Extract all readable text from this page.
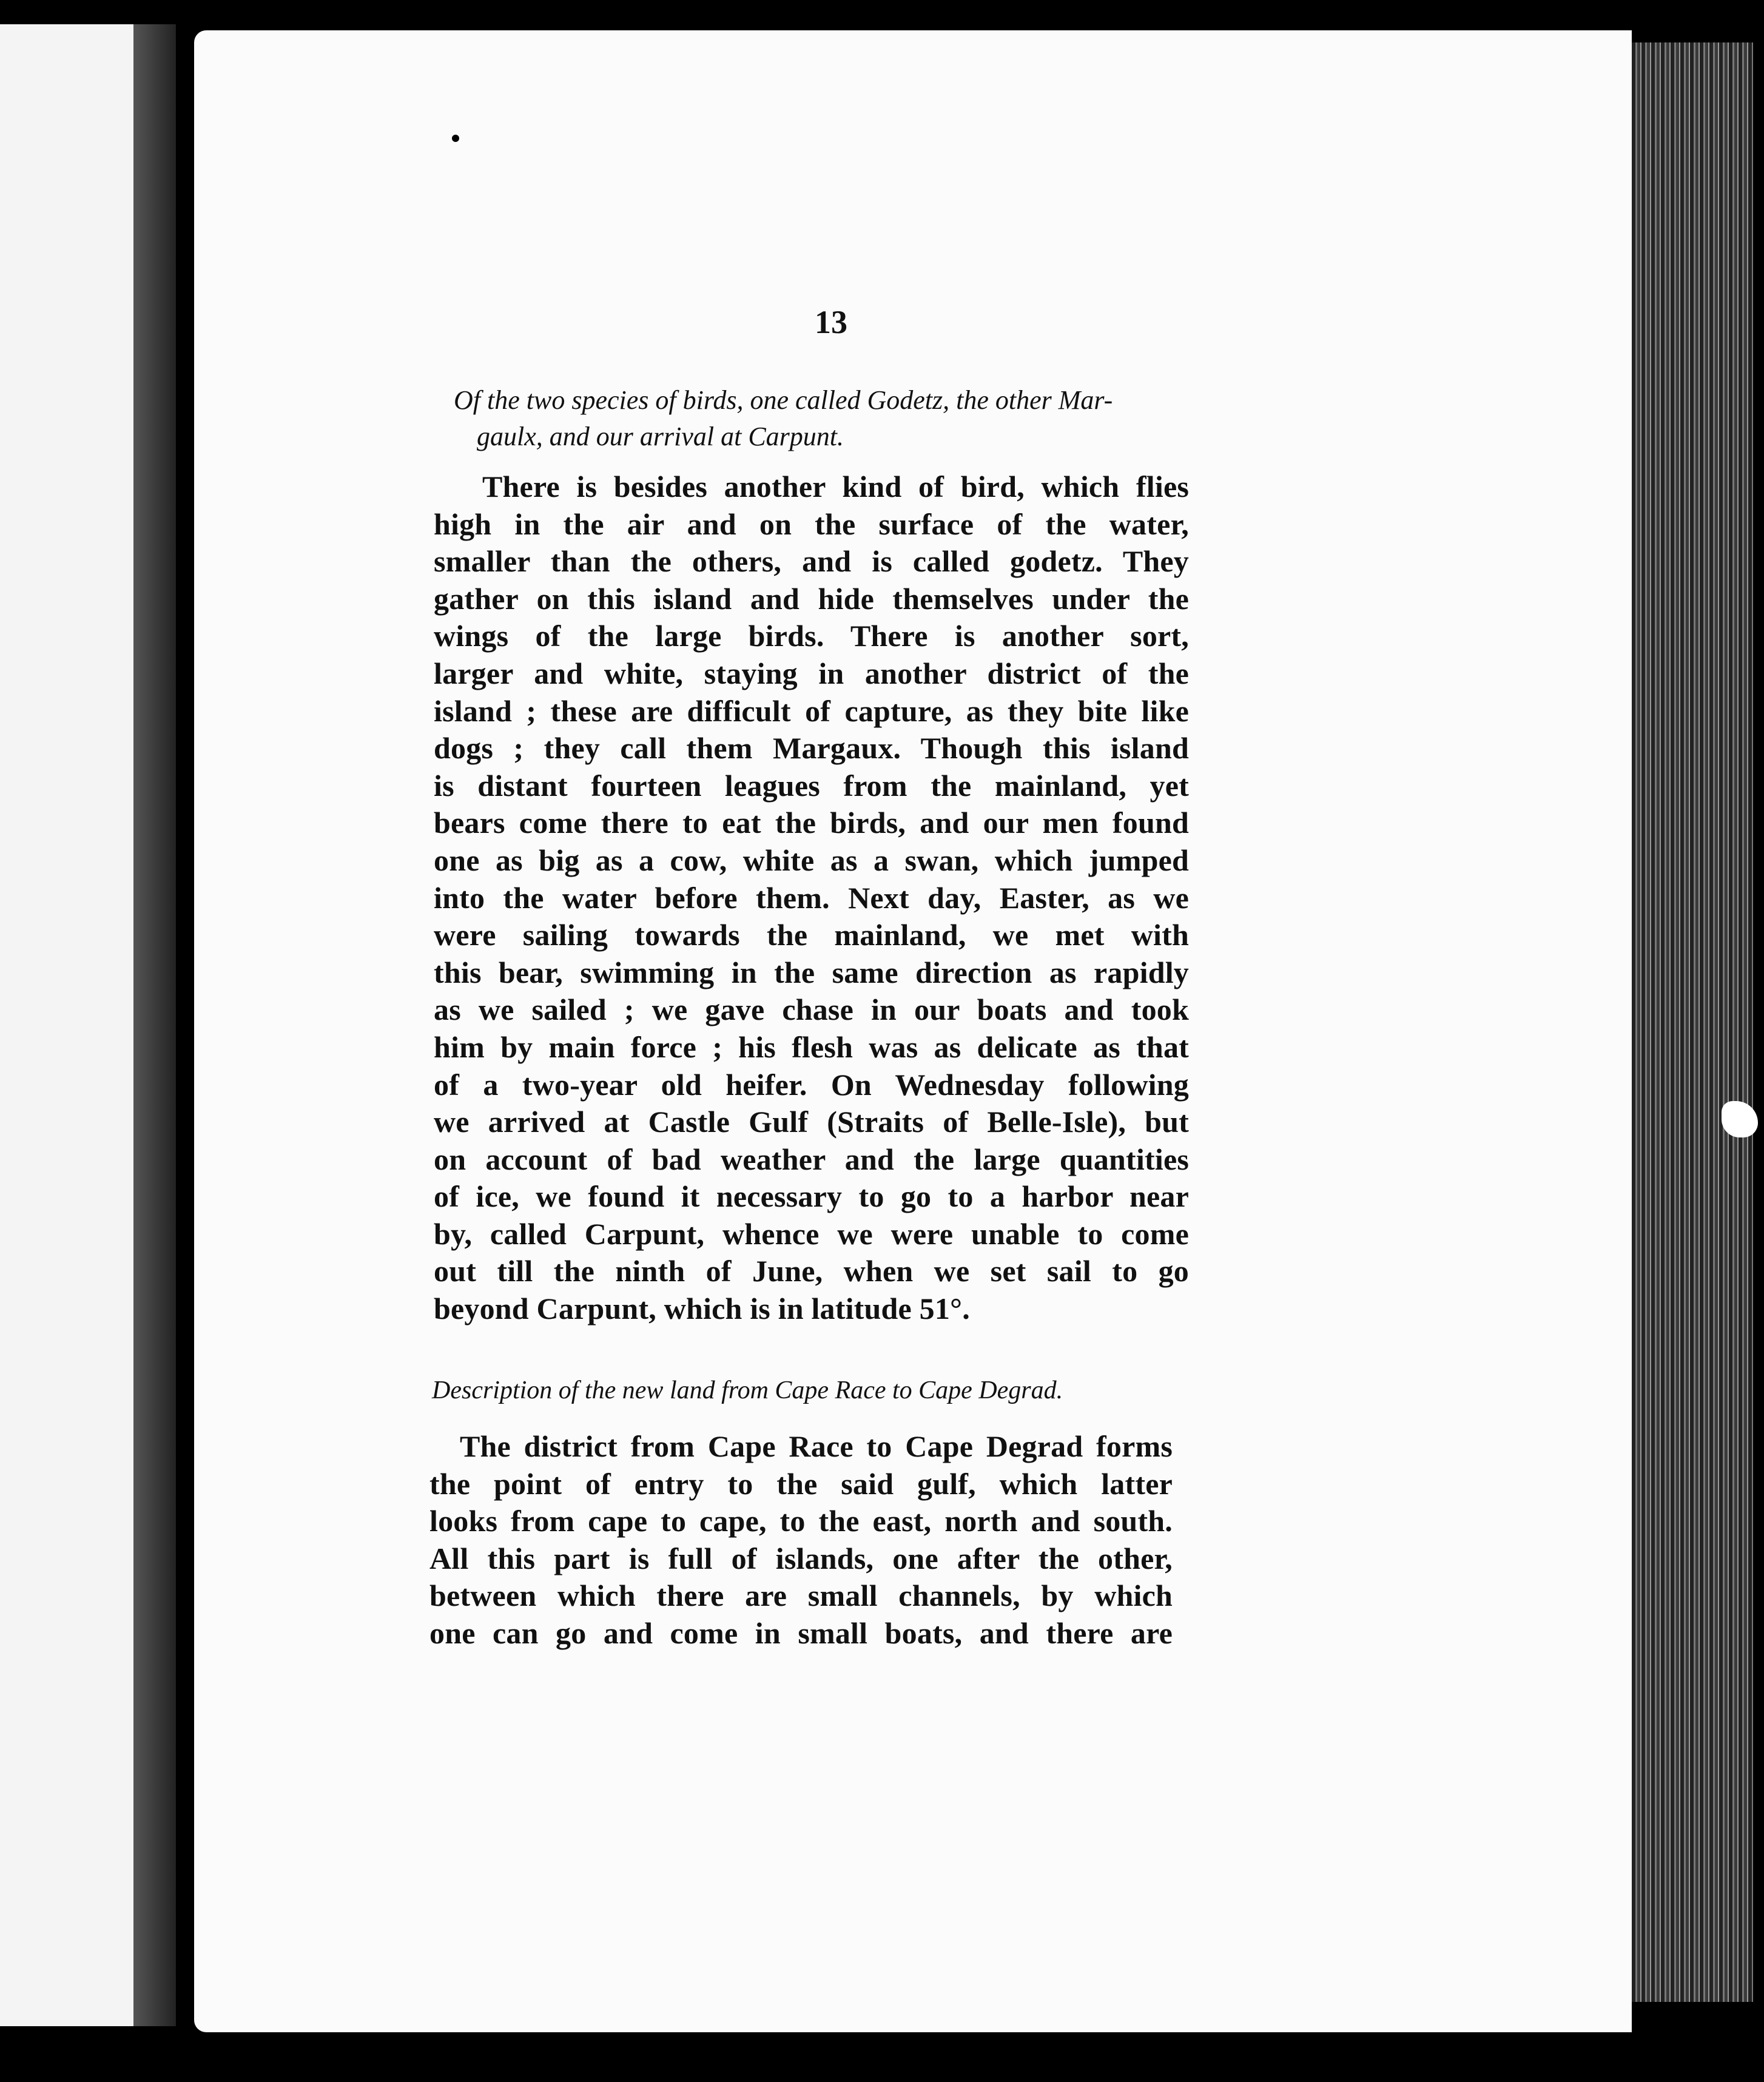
13
Of the two species of birds, one called Godetz, the other Mar-
gaulx, and our arrival at Carpunt.
There is besides another kind of bird, which flies
high in the air and on the surface of the water,
smaller than the others, and is called godetz. They
gather on this island and hide themselves under the
wings of the large birds. There is another sort,
larger and white, staying in another district of the
island ; these are difficult of capture, as they bite like
dogs ; they call them Margaux. Though this island
is distant fourteen leagues from the mainland, yet
bears come there to eat the birds, and our men found
one as big as a cow, white as a swan, which jumped
into the water before them. Next day, Easter, as we
were sailing towards the mainland, we met with
this bear, swimming in the same direction as rapidly
as we sailed ; we gave chase in our boats and took
him by main force ; his flesh was as delicate as that
of a two-year old heifer. On Wednesday following
we arrived at Castle Gulf (Straits of Belle-Isle), but
on account of bad weather and the large quantities
of ice, we found it necessary to go to a harbor near
by, called Carpunt, whence we were unable to come
out till the ninth of June, when we set sail to go
beyond Carpunt, which is in latitude 51°.
Description of the new land from Cape Race to Cape Degrad.
The district from Cape Race to Cape Degrad forms
the point of entry to the said gulf, which latter
looks from cape to cape, to the east, north and south.
All this part is full of islands, one after the other,
between which there are small channels, by which
one can go and come in small boats, and there are
